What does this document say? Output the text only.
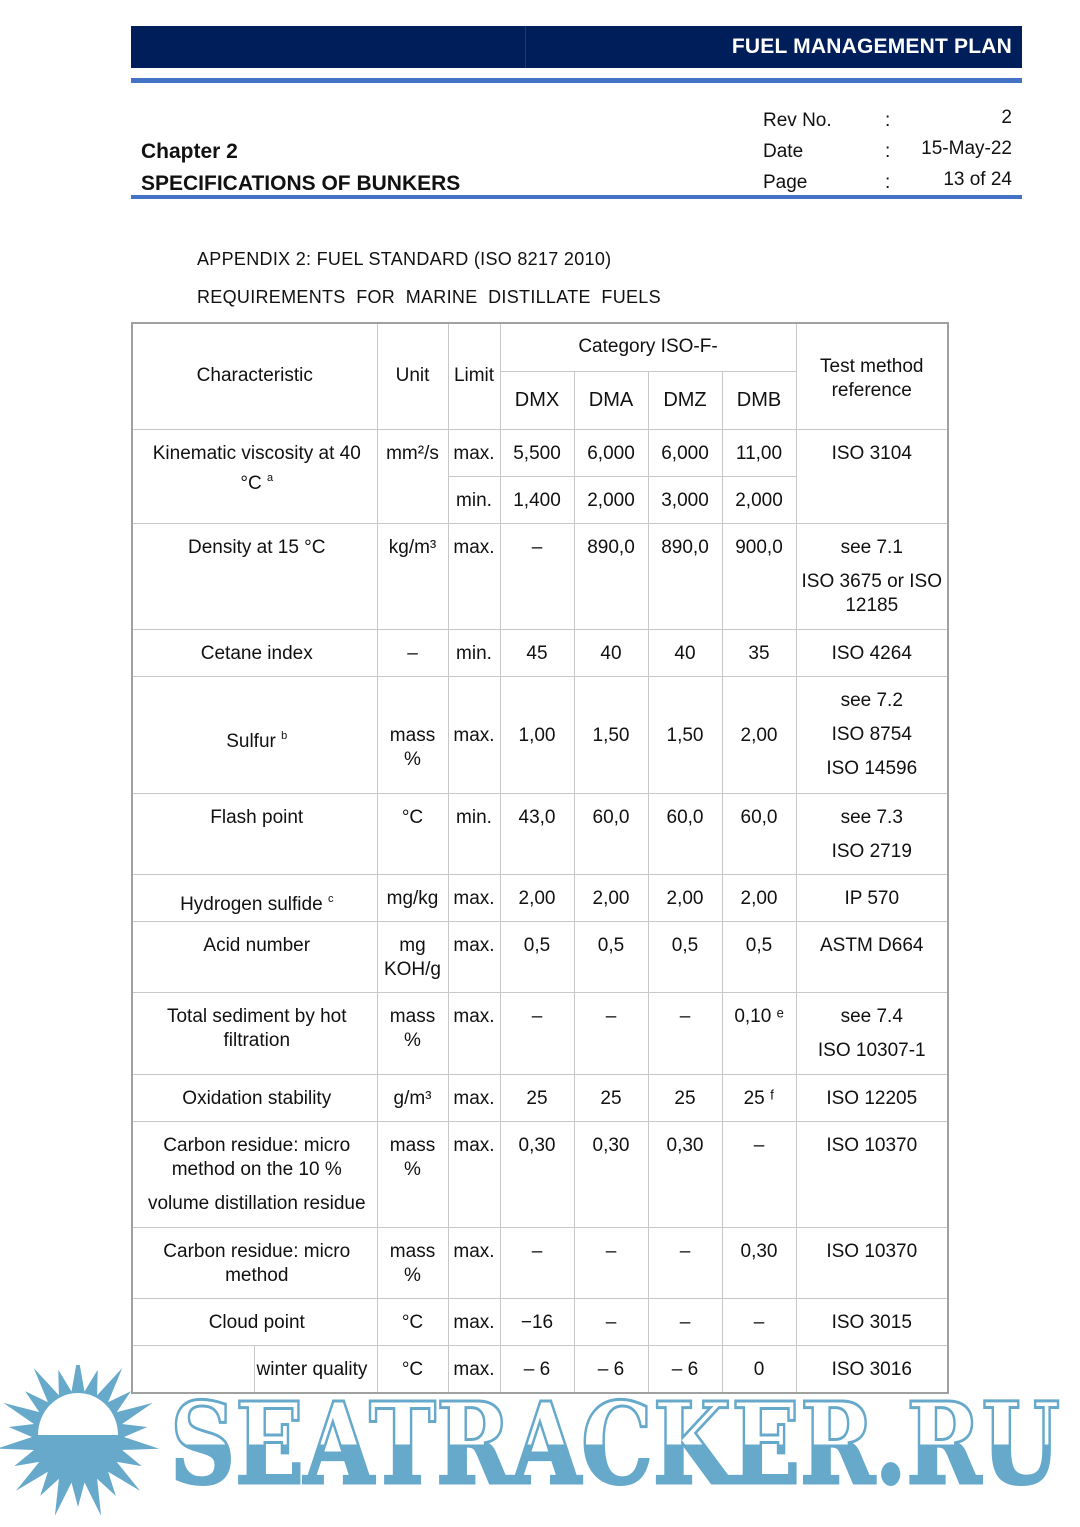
FUEL MANAGEMENT PLAN
Chapter 2
SPECIFICATIONS OF BUNKERS
Rev No.	:	2
Date	: 15-May-22
Page	:	13 of 24
APPENDIX 2: FUEL STANDARD (ISO 8217 2010)
REQUIREMENTS  FOR  MARINE  DISTILLATE  FUELS
Characteristic		Unit	Limit	Category ISO-F-				Test method reference
				DMX	DMA	DMZ	DMB	
Kinematic viscosity at 40 °C $^a$		mm²/s	max.	5,500	6,000	6,000	11,00	ISO 3104

			min.	1,400	2,000	3,000	2,000	
Density at 15 °C		kg/m³	max.	–	890,0	890,0	900,0	see 7.1

ISO 3675 or ISO 12185

Cetane index		–	min.	45	40	40	35	ISO 4264

Sulfur $^b$		mass %	max.	1,00	1,50	1,50	2,00	see 7.2

ISO 8754

ISO 14596

Flash point		°C	min.	43,0	60,0	60,0	60,0	see 7.3

ISO 2719

Hydrogen sulfide $^c$		mg/kg	max.	2,00	2,00	2,00	2,00	IP 570

Acid number		mg KOH/g	max.	0,5	0,5	0,5	0,5	ASTM D664

Total sediment by hot filtration		mass %	max.	–	–	–	0,10 ᵉ	see 7.4

ISO 10307-1

Oxidation stability		g/m³	max.	25	25	25	25 ᶠ	ISO 12205

Carbon residue: micro method on the 10 %
volume distillation residue		mass %	max.	0,30	0,30	0,30	–	ISO 10370

Carbon residue: micro method		mass %	max.	–	–	–	0,30	ISO 10370

Cloud point		°C	max.	−16	–	–	–	ISO 3015

	winter quality	°C	max.	– 6	– 6	– 6	0	ISO 3016

SEATRACKER.RU
